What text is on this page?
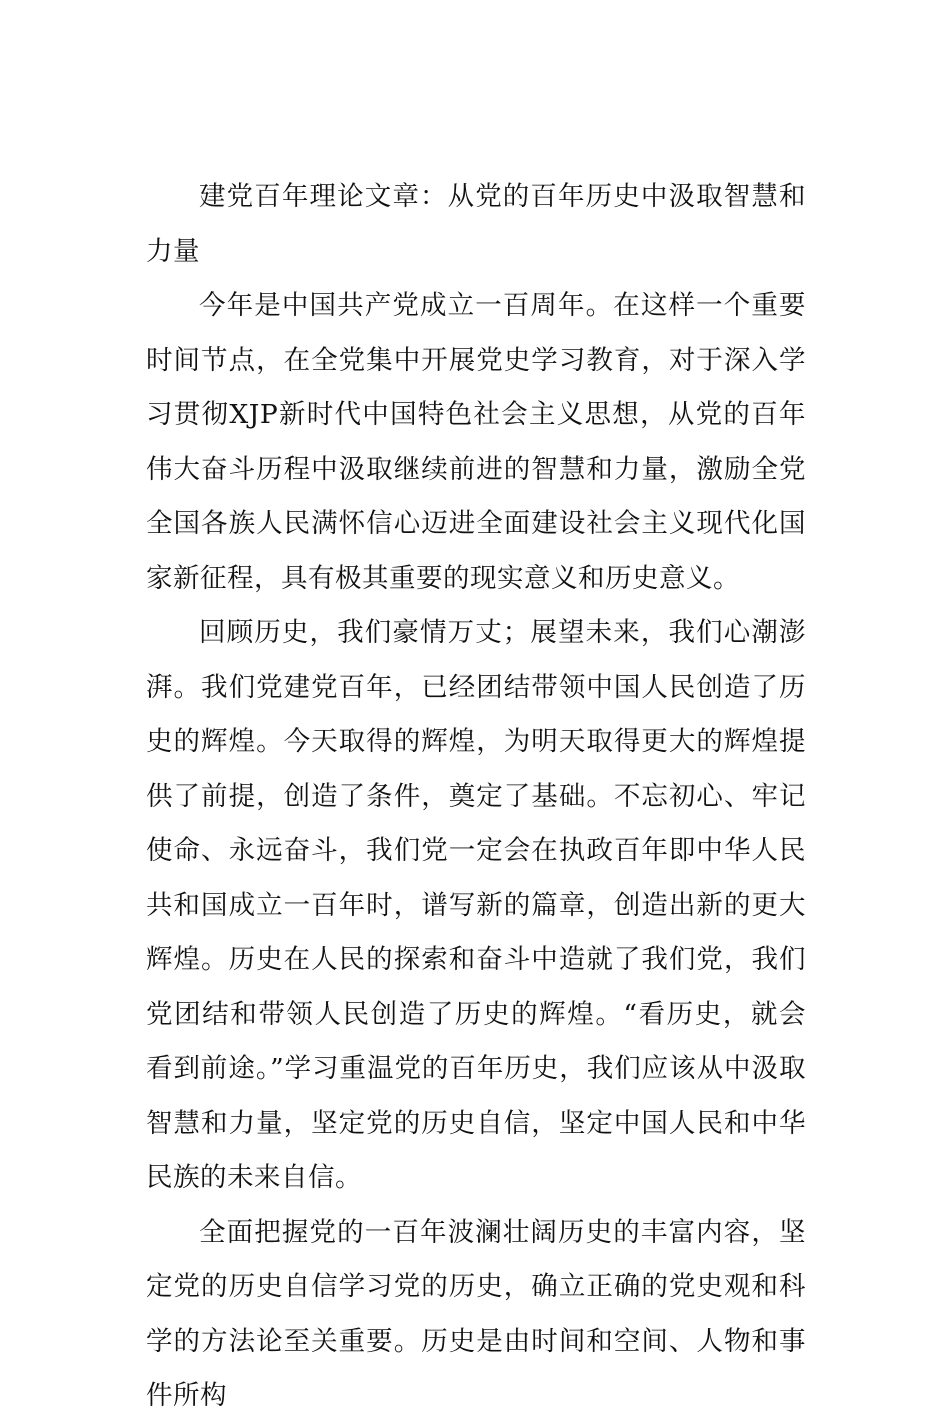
建党百年理论文章：从党的百年历史中汲取智慧和力量

今年是中国共产党成立一百周年。在这样一个重要时间节点，在全党集中开展党史学习教育，对于深入学习贯彻XJP新时代中国特色社会主义思想，从党的百年伟大奋斗历程中汲取继续前进的智慧和力量，激励全党全国各族人民满怀信心迈进全面建设社会主义现代化国家新征程，具有极其重要的现实意义和历史意义。

回顾历史，我们豪情万丈；展望未来，我们心潮澎湃。我们党建党百年，已经团结带领中国人民创造了历史的辉煌。今天取得的辉煌，为明天取得更大的辉煌提供了前提，创造了条件，奠定了基础。不忘初心、牢记使命、永远奋斗，我们党一定会在执政百年即中华人民共和国成立一百年时，谱写新的篇章，创造出新的更大辉煌。历史在人民的探索和奋斗中造就了我们党，我们党团结和带领人民创造了历史的辉煌。“看历史，就会看到前途。”学习重温党的百年历史，我们应该从中汲取智慧和力量，坚定党的历史自信，坚定中国人民和中华民族的未来自信。

全面把握党的一百年波澜壮阔历史的丰富内容，坚定党的历史自信学习党的历史，确立正确的党史观和科学的方法论至关重要。历史是由时间和空间、人物和事件所构
